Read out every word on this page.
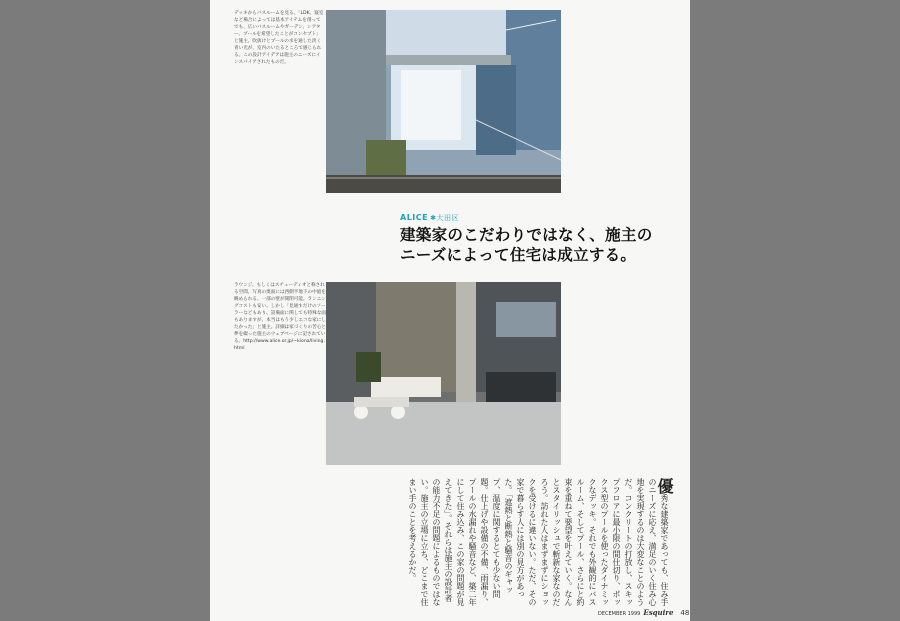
デッキからバスルームを見る。「LDK、寝室など場合によっては基本アイテムを削ってでも、広いバスルームやガーデン、シアター、プールを希望したことがコンセプト」と施主。吹抜けとプールの水を通した淡く青い光が、室内のいたるところで感じられる。この設計アイデアは施主のニーズにインスパイアされたものだ。
ALICE ✱大田区
建築家のこだわりではなく、施主の
ニーズによって住宅は成立する。
ラウンジ。もしくはスチューディオと称される空間。写真の奥面には西側半地下の中庭を眺められる。一部の壁が開閉可能。ランニングコストも安い。しかし「見通すだけのソーラーなどもあり、設備面に関しても特殊な面もありますが、本当はもう少しエコな家にしたかった」と施主。詳細は家づくりの苦心と夢を綴った施主のウェブページに記されている。http://www.alice.or.jp/~kiona/living.html
優秀な建築家であっても、住み手のニーズに応え、満足のいく住み心地を実現するのは大変なことのようだ。コンクリートの打放し、スキップフロアに最小限の間仕切り、ボックス型のプールを使ったダイナミックなデッキ。それでも外観的にバスルーム、そしてプール、さらにと約束を重ねて要望を叶えていく。なんとスタイリッシュで斬新な家なのだろう。訪れた人はまずまずにショックを受けるに違いない。ただ、その家で暮らす人には別の見方があった。「遮熱と断熱と騒音のギャップ、温度に関するとても少ない問題。仕上げや設備の不備、雨漏り、プールの水漏れや騒音など、築二年にして住み込み、この家の問題が見えてきた」。それらは施主の設計者の能力不足の問題によるものではない。施主の立場に立ち、どこまで住まい手のことを考えるかだ。
DECEMBER 1999 Esquire 48
